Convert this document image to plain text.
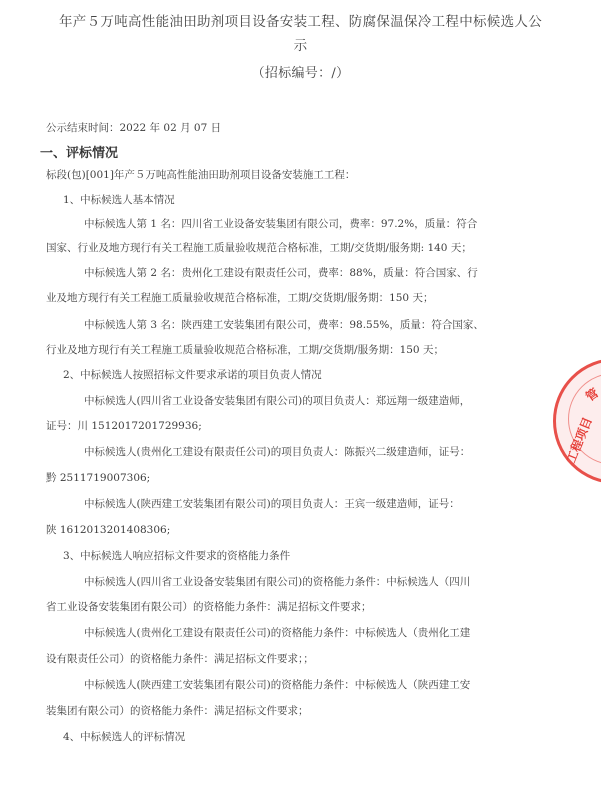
年产５万吨高性能油田助剂项目设备安装工程、防腐保温保冷工程中标候选人公
示
（招标编号：/）
公示结束时间：2022 年 02 月 07 日
一、评标情况
标段(包)[001]年产５万吨高性能油田助剂项目设备安装施工工程：
1、中标候选人基本情况
中标候选人第 1 名：四川省工业设备安装集团有限公司，费率：97.2%，质量：符合
国家、行业及地方现行有关工程施工质量验收规范合格标准，工期/交货期/服务期: 140 天；
中标候选人第 2 名：贵州化工建设有限责任公司，费率：88%，质量：符合国家、行
业及地方现行有关工程施工质量验收规范合格标准，工期/交货期/服务期：150 天；
中标候选人第 3 名：陕西建工安装集团有限公司，费率：98.55%，质量：符合国家、
行业及地方现行有关工程施工质量验收规范合格标准，工期/交货期/服务期：150 天；
2、中标候选人按照招标文件要求承诺的项目负责人情况
中标候选人(四川省工业设备安装集团有限公司)的项目负责人：郑远翔一级建造师，
证号：川 1512017201729936;
中标候选人(贵州化工建设有限责任公司)的项目负责人：陈振兴二级建造师，证号：
黔 2511719007306;
中标候选人(陕西建工安装集团有限公司)的项目负责人：王宾一级建造师，证号：
陕 1612013201408306;
3、中标候选人响应招标文件要求的资格能力条件
中标候选人(四川省工业设备安装集团有限公司)的资格能力条件：中标候选人（四川
省工业设备安装集团有限公司）的资格能力条件：满足招标文件要求；
中标候选人(贵州化工建设有限责任公司)的资格能力条件：中标候选人（贵州化工建
设有限责任公司）的资格能力条件：满足招标文件要求；；
中标候选人(陕西建工安装集团有限公司)的资格能力条件：中标候选人（陕西建工安
装集团有限公司）的资格能力条件：满足招标文件要求；
4、中标候选人的评标情况
工程项目
管
